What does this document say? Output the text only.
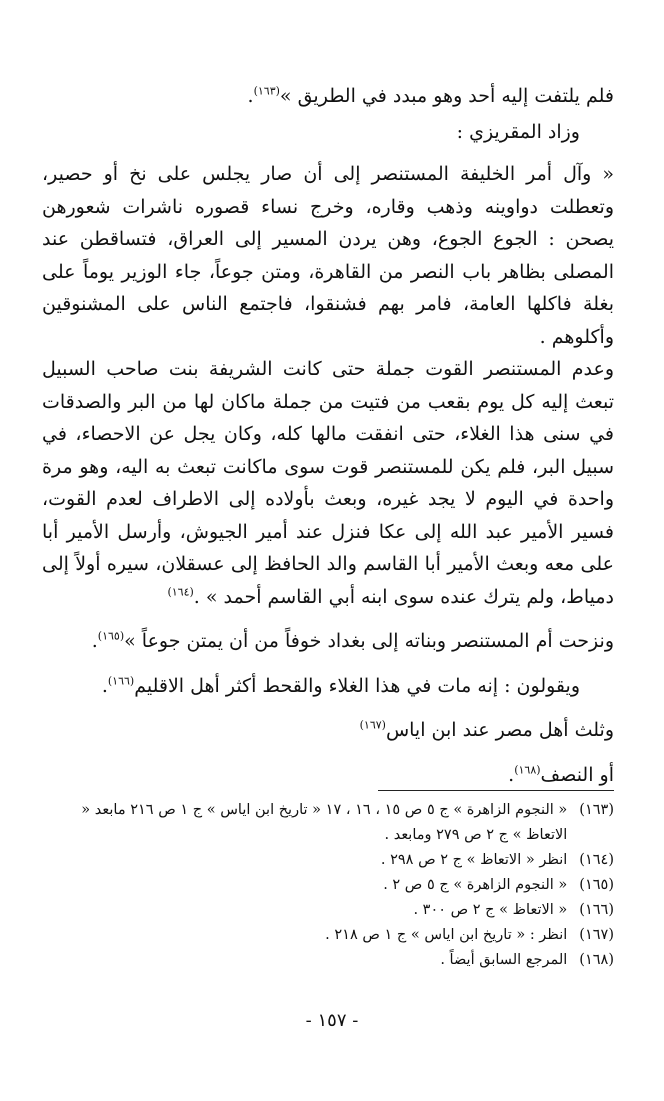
فلم يلتفت إليه أحد وهو مبدد في الطريق »$^{(١٦٣)}$.

وزاد المقريزي :

« وآل أمر الخليفة المستنصر إلى أن صار يجلس على نخ أو حصير، وتعطلت دواوينه وذهب وقاره، وخرج نساء قصوره ناشرات شعورهن يصحن : الجوع الجوع، وهن يردن المسير إلى العراق، فتساقطن عند المصلى بظاهر باب النصر من القاهرة، ومتن جوعاً، جاء الوزير يوماً على بغلة فاكلها العامة، فامر بهم فشنقوا، فاجتمع الناس على المشنوقين وأكلوهم .

وعدم المستنصر القوت جملة حتى كانت الشريفة بنت صاحب السبيل تبعث إليه كل يوم بقعب من فتيت من جملة ماكان لها من البر والصدقات في سنى هذا الغلاء، حتى انفقت مالها كله، وكان يجل عن الاحصاء، في سبيل البر، فلم يكن للمستنصر قوت سوى ماكانت تبعث به اليه، وهو مرة واحدة في اليوم لا يجد غيره، وبعث بأولاده إلى الاطراف لعدم القوت، فسير الأمير عبد الله إلى عكا فنزل عند أمير الجيوش، وأرسل الأمير أبا على معه وبعث الأمير أبا القاسم والد الحافظ إلى عسقلان، سيره أولاً إلى دمياط، ولم يترك عنده سوى ابنه أبي القاسم أحمد » .$^{(١٦٤)}$

ونزحت أم المستنصر وبناته إلى بغداد خوفاً من أن يمتن جوعاً »$^{(١٦٥)}$.

ويقولون : إنه مات في هذا الغلاء والقحط أكثر أهل الاقليم$^{(١٦٦)}$.

وثلث أهل مصر عند ابن اياس$^{(١٦٧)}$

أو النصف$^{(١٦٨)}$.

(١٦٣)
« النجوم الزاهرة » ج ٥ ص ١٥ ، ١٦ ، ١٧ « تاريخ ابن اياس » ج ١ ص ٢١٦ مابعد « الاتعاظ » ج ٢ ص ٢٧٩ ومابعد .
(١٦٤)
انظر « الاتعاظ » ج ٢ ص ٢٩٨ .
(١٦٥)
« النجوم الزاهرة » ج ٥ ص ٢ .
(١٦٦)
« الاتعاظ » ج ٢ ص ٣٠٠ .
(١٦٧)
انظر : « تاريخ ابن اياس » ج ١ ص ٢١٨ .
(١٦٨)
المرجع السابق أيضاً .
- ١٥٧ -
